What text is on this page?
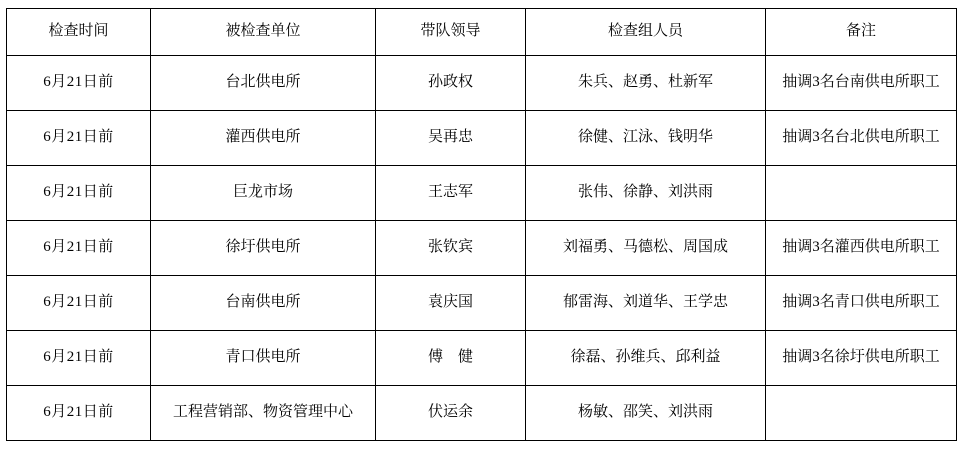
检查时间	被检查单位	带队领导	检查组人员	备注
6月21日前	台北供电所	孙政权	朱兵、赵勇、杜新军	抽调3名台南供电所职工
6月21日前	灌西供电所	吴再忠	徐健、江泳、钱明华	抽调3名台北供电所职工
6月21日前	巨龙市场	王志军	张伟、徐静、刘洪雨	
6月21日前	徐圩供电所	张钦宾	刘福勇、马德松、周国成	抽调3名灌西供电所职工
6月21日前	台南供电所	袁庆国	郁雷海、刘道华、王学忠	抽调3名青口供电所职工
6月21日前	青口供电所	傅　健	徐磊、孙维兵、邱利益	抽调3名徐圩供电所职工
6月21日前	工程营销部、物资管理中心	伏运余	杨敏、邵笑、刘洪雨	
